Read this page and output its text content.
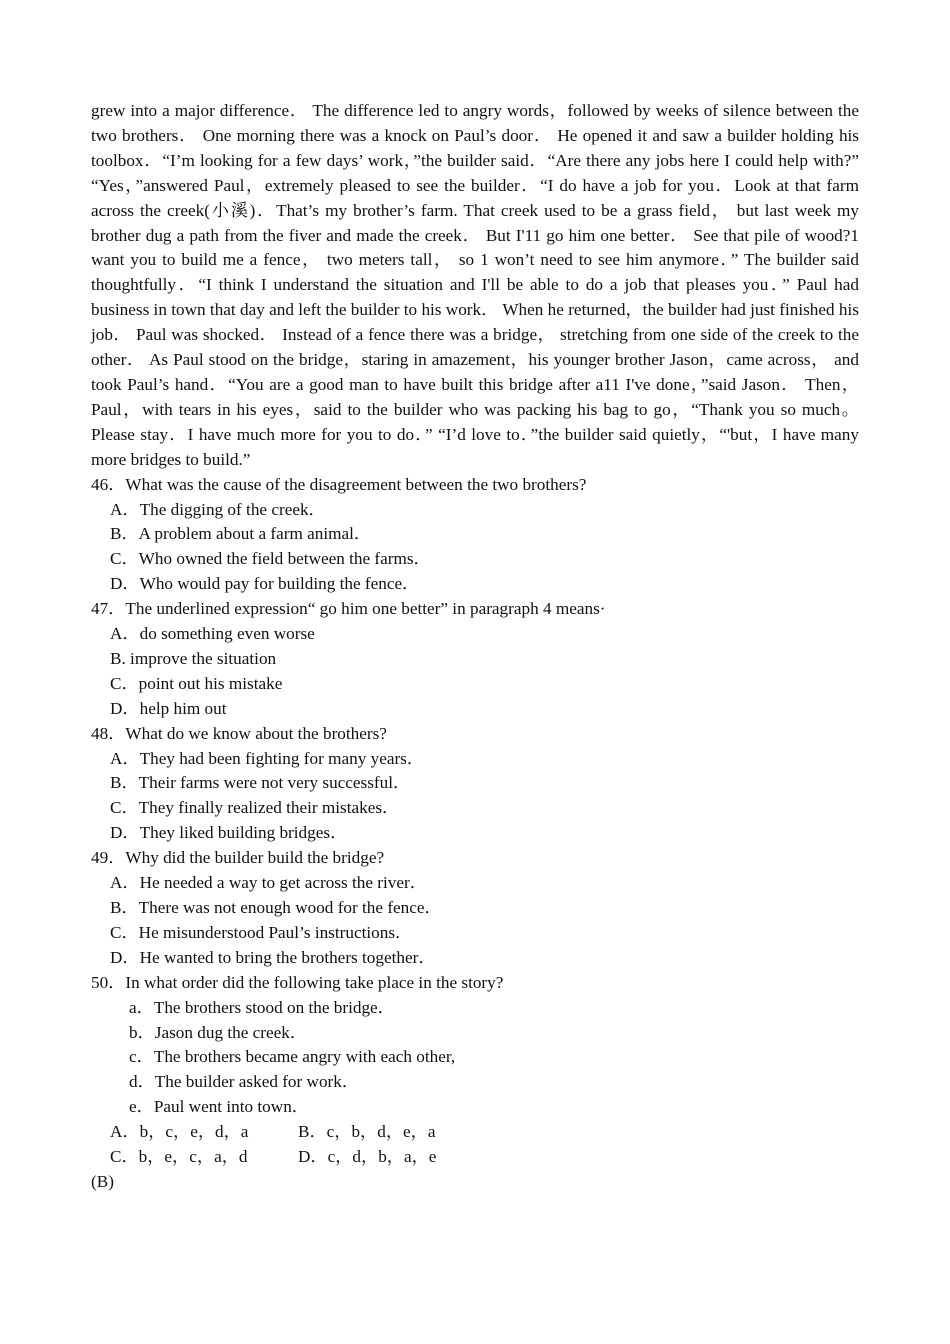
grew into a major difference． The difference led to angry words，followed by weeks of silence between the two brothers． One morning there was a knock on Paul’s door． He opened it and saw a builder holding his toolbox．“I’m looking for a few days’ work，”the builder said．“Are there any jobs here I could help with?” “Yes，”answered Paul，extremely pleased to see the builder．“I do have a job for you．Look at that farm across the creek(小溪)．That’s my brother’s farm. That creek used to be a grass field， but last week my brother dug a path from the fiver and made the creek． But I'11 go him one better． See that pile of wood?1 want you to build me a fence， two meters tall， so 1 won’t need to see him anymore．” The builder said thoughtfully．“I think I understand the situation and I'll be able to do a job that pleases you．” Paul had business in town that day and left the builder to his work． When he returned，the builder had just finished his job． Paul was shocked． Instead of a fence there was a bridge， stretching from one side of the creek to the other． As Paul stood on the bridge，staring in amazement，his younger brother Jason，came across， and took Paul’s hand．“You are a good man to have built this bridge after a11 I've done，”said Jason． Then，Paul，with tears in his eyes，said to the builder who was packing his bag to go，“Thank you so much。Please stay．I have much more for you to do．” “I’d love to．”the builder said quietly，“'but，I have many more bridges to build.”

46．What was the cause of the disagreement between the two brothers?

A．The digging of the creek．

B．A problem about a farm animal．

C．Who owned the field between the farms．

D．Who would pay for building the fence．

47．The underlined expression“ go him one better” in paragraph 4 means·

A．do something even worse

B. improve the situation

C．point out his mistake

D．help him out

48．What do we know about the brothers?

A．They had been fighting for many years．

B．Their farms were not very successful．

C．They finally realized their mistakes．

D．They liked building bridges．

49．Why did the builder build the bridge?

A．He needed a way to get across the river．

B．There was not enough wood for the fence．

C．He misunderstood Paul’s instructions．

D．He wanted to bring the brothers together．

50．In what order did the following take place in the story?

a．The brothers stood on the bridge．

b．Jason dug the creek．

c．The brothers became angry with each other,

d．The builder asked for work．

e．Paul went into town．

A．b，c，e，d，a	B．c，b，d，e，a
C．b，e，c，a，d	D．c，d，b，a，e

(B)
